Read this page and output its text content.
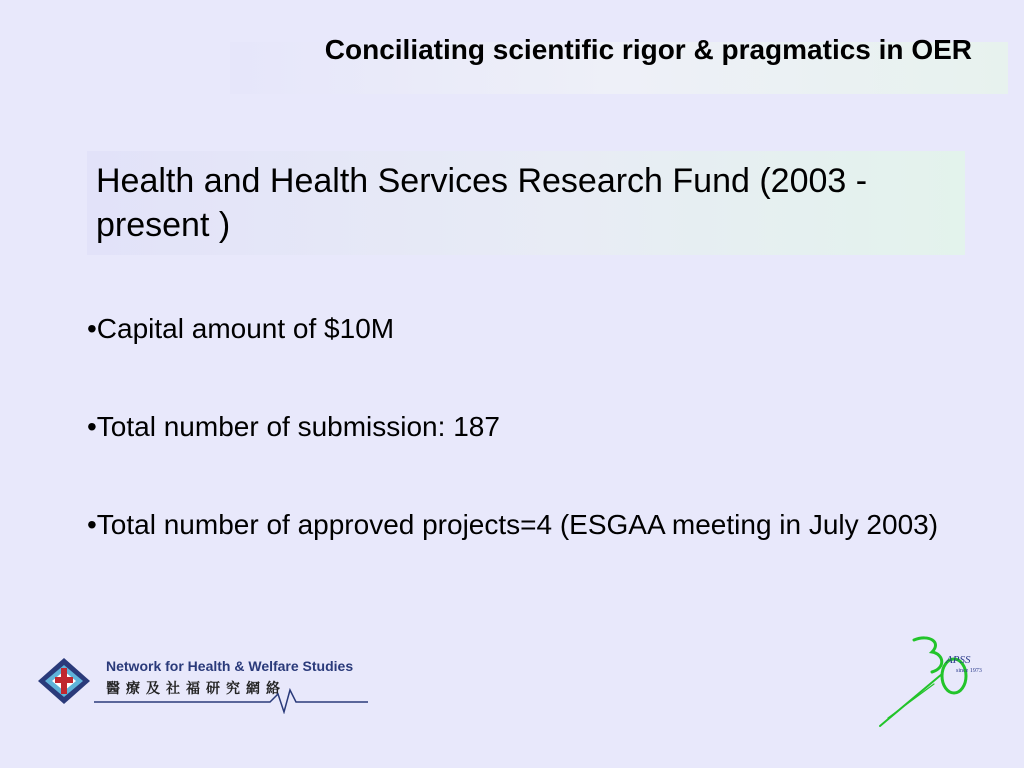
Conciliating scientific rigor & pragmatics in OER
Health and Health Services Research Fund (2003 - present )
•Capital amount of $10M
•Total number of submission: 187
•Total number of approved projects=4 (ESGAA meeting in July 2003)
Network for Health & Welfare Studies
醫療及社福研究網絡
APSS
since 1973
